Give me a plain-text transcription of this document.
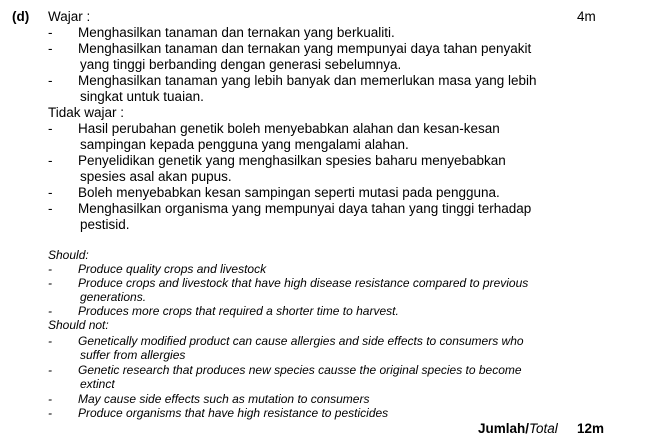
(d)	4m
Wajar :
- Menghasilkan tanaman dan ternakan yang berkualiti.
- Menghasilkan tanaman dan ternakan yang mempunyai daya tahan penyakit
yang tinggi berbanding dengan generasi sebelumnya.
- Menghasilkan tanaman yang lebih banyak dan memerlukan masa yang lebih
singkat untuk tuaian.
Tidak wajar :
- Hasil perubahan genetik boleh menyebabkan alahan dan kesan-kesan
sampingan kepada pengguna yang mengalami alahan.
- Penyelidikan genetik yang menghasilkan spesies baharu menyebabkan
spesies asal akan pupus.
- Boleh menyebabkan kesan sampingan seperti mutasi pada pengguna.
- Menghasilkan organisma yang mempunyai daya tahan yang tinggi terhadap
pestisid.
Should:
- Produce quality crops and livestock
- Produce crops and livestock that have high disease resistance compared to previous
generations.
- Produces more crops that required a shorter time to harvest.
Should not:
- Genetically modified product can cause allergies and side effects to consumers who
suffer from allergies
- Genetic research that produces new species causse the original species to become
extinct
- May cause side effects such as mutation to consumers
- Produce organisms that have high resistance to pesticides
Jumlah/Total 12m
